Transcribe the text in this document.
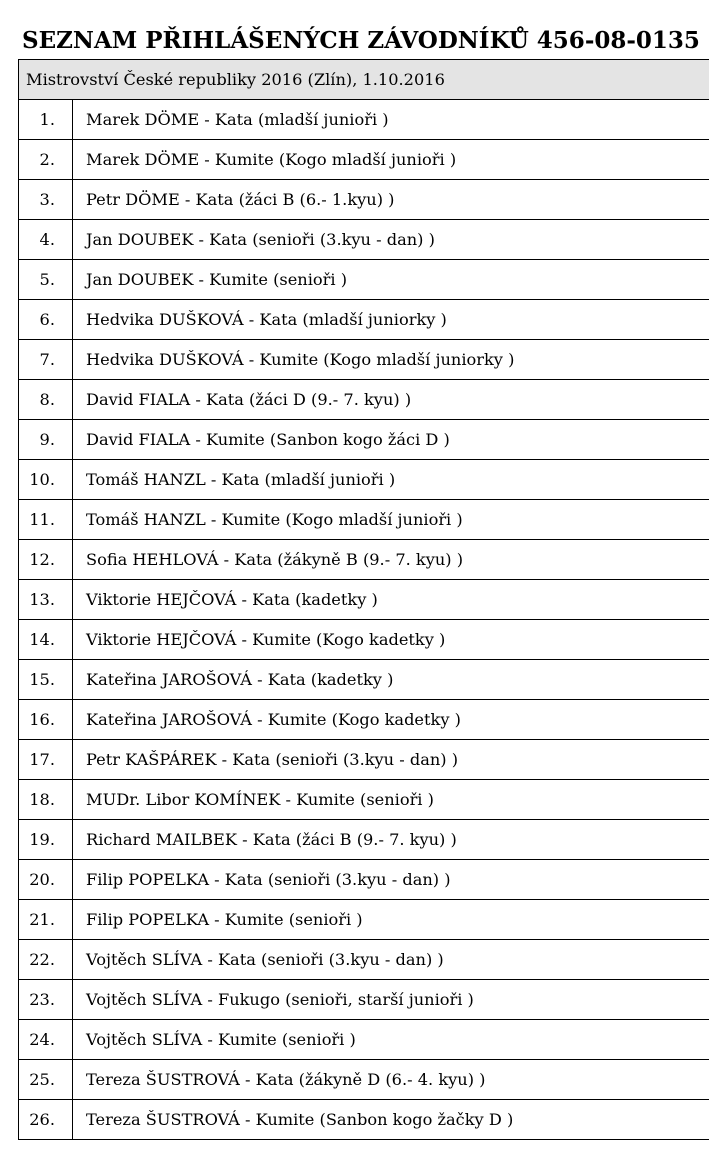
SEZNAM PŘIHLÁŠENÝCH ZÁVODNÍKŮ 456-08-0135
Mistrovství České republiky 2016 (Zlín), 1.10.2016	
1.	Marek DÖME - Kata (mladší junioři )
2.	Marek DÖME - Kumite (Kogo mladší junioři )
3.	Petr DÖME - Kata (žáci B (6.- 1.kyu) )
4.	Jan DOUBEK - Kata (senioři (3.kyu - dan) )
5.	Jan DOUBEK - Kumite (senioři )
6.	Hedvika DUŠKOVÁ - Kata (mladší juniorky )
7.	Hedvika DUŠKOVÁ - Kumite (Kogo mladší juniorky )
8.	David FIALA - Kata (žáci D (9.- 7. kyu) )
9.	David FIALA - Kumite (Sanbon kogo žáci D )
10.	Tomáš HANZL - Kata (mladší junioři )
11.	Tomáš HANZL - Kumite (Kogo mladší junioři )
12.	Sofia HEHLOVÁ - Kata (žákyně B (9.- 7. kyu) )
13.	Viktorie HEJČOVÁ - Kata (kadetky )
14.	Viktorie HEJČOVÁ - Kumite (Kogo kadetky )
15.	Kateřina JAROŠOVÁ - Kata (kadetky )
16.	Kateřina JAROŠOVÁ - Kumite (Kogo kadetky )
17.	Petr KAŠPÁREK - Kata (senioři (3.kyu - dan) )
18.	MUDr. Libor KOMÍNEK - Kumite (senioři )
19.	Richard MAILBEK - Kata (žáci B (9.- 7. kyu) )
20.	Filip POPELKA - Kata (senioři (3.kyu - dan) )
21.	Filip POPELKA - Kumite (senioři )
22.	Vojtěch SLÍVA - Kata (senioři (3.kyu - dan) )
23.	Vojtěch SLÍVA - Fukugo (senioři, starší junioři )
24.	Vojtěch SLÍVA - Kumite (senioři )
25.	Tereza ŠUSTROVÁ - Kata (žákyně D (6.- 4. kyu) )
26.	Tereza ŠUSTROVÁ - Kumite (Sanbon kogo žačky D )
